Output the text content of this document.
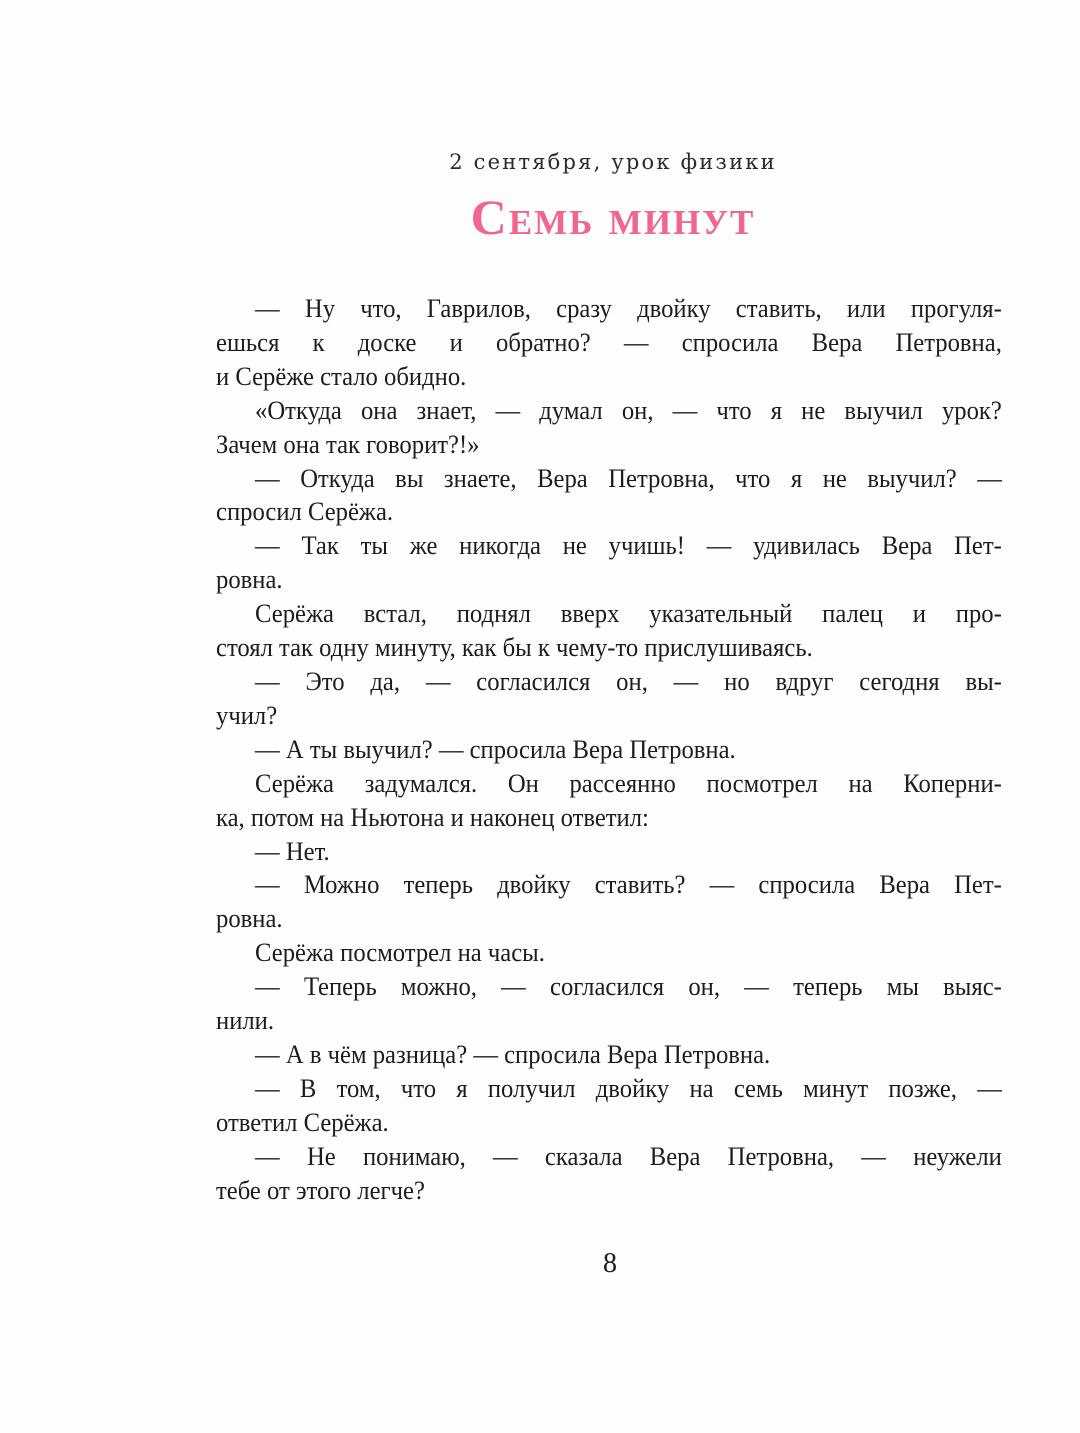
2 сентября, урок физики
Семь минут

— Ну что, Гаврилов, сразу двойку ставить, или прогуля-
ешься к доске и обратно? — спросила Вера Петровна,
и Серёже стало обидно.

«Откуда она знает, — думал он, — что я не выучил урок?
Зачем она так говорит?!»

— Откуда вы знаете, Вера Петровна, что я не выучил? —
спросил Серёжа.

— Так ты же никогда не учишь! — удивилась Вера Пет-
ровна.

Серёжа встал, поднял вверх указательный палец и про-
стоял так одну минуту, как бы к чему-то прислушиваясь.

— Это да, — согласился он, — но вдруг сегодня вы-
учил?

— А ты выучил? — спросила Вера Петровна.

Серёжа задумался. Он рассеянно посмотрел на Коперни-
ка, потом на Ньютона и наконец ответил:

— Нет.

— Можно теперь двойку ставить? — спросила Вера Пет-
ровна.

Серёжа посмотрел на часы.

— Теперь можно, — согласился он, — теперь мы выяс-
нили.

— А в чём разница? — спросила Вера Петровна.

— В том, что я получил двойку на семь минут позже, —
ответил Серёжа.

— Не понимаю, — сказала Вера Петровна, — неужели
тебе от этого легче?

8
